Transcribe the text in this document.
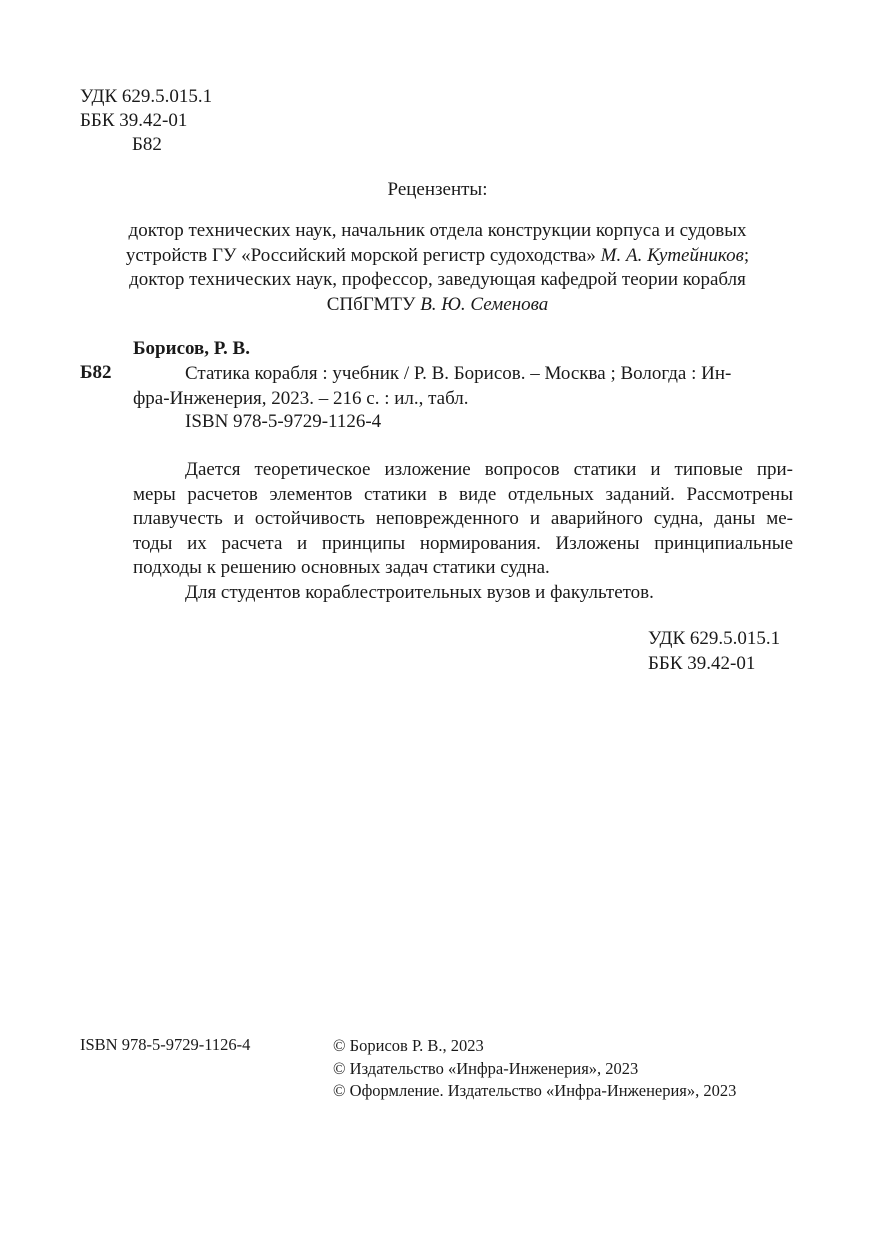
УДК 629.5.015.1
ББК 39.42-01
Б82
Рецензенты:
доктор технических наук, начальник отдела конструкции корпуса и судовых
устройств ГУ «Российский морской регистр судоходства» М. А. Кутейников;
доктор технических наук, профессор, заведующая кафедрой теории корабля
СПбГМТУ В. Ю. Семенова
Борисов, Р. В.
Б82	Статика корабля : учебник / Р. В. Борисов. – Москва ; Вологда : Ин-
фра-Инженерия, 2023. – 216 с. : ил., табл.
ISBN 978-5-9729-1126-4
Дается теоретическое изложение вопросов статики и типовые при-
меры расчетов элементов статики в виде отдельных заданий. Рассмотрены
плавучесть и остойчивость неповрежденного и аварийного судна, даны ме-
тоды их расчета и принципы нормирования. Изложены принципиальные
подходы к решению основных задач статики судна.
Для студентов кораблестроительных вузов и факультетов.
УДК 629.5.015.1
ББК 39.42-01
ISBN 978-5-9729-1126-4	© Борисов Р. В., 2023
© Издательство «Инфра-Инженерия», 2023
© Оформление. Издательство «Инфра-Инженерия», 2023
